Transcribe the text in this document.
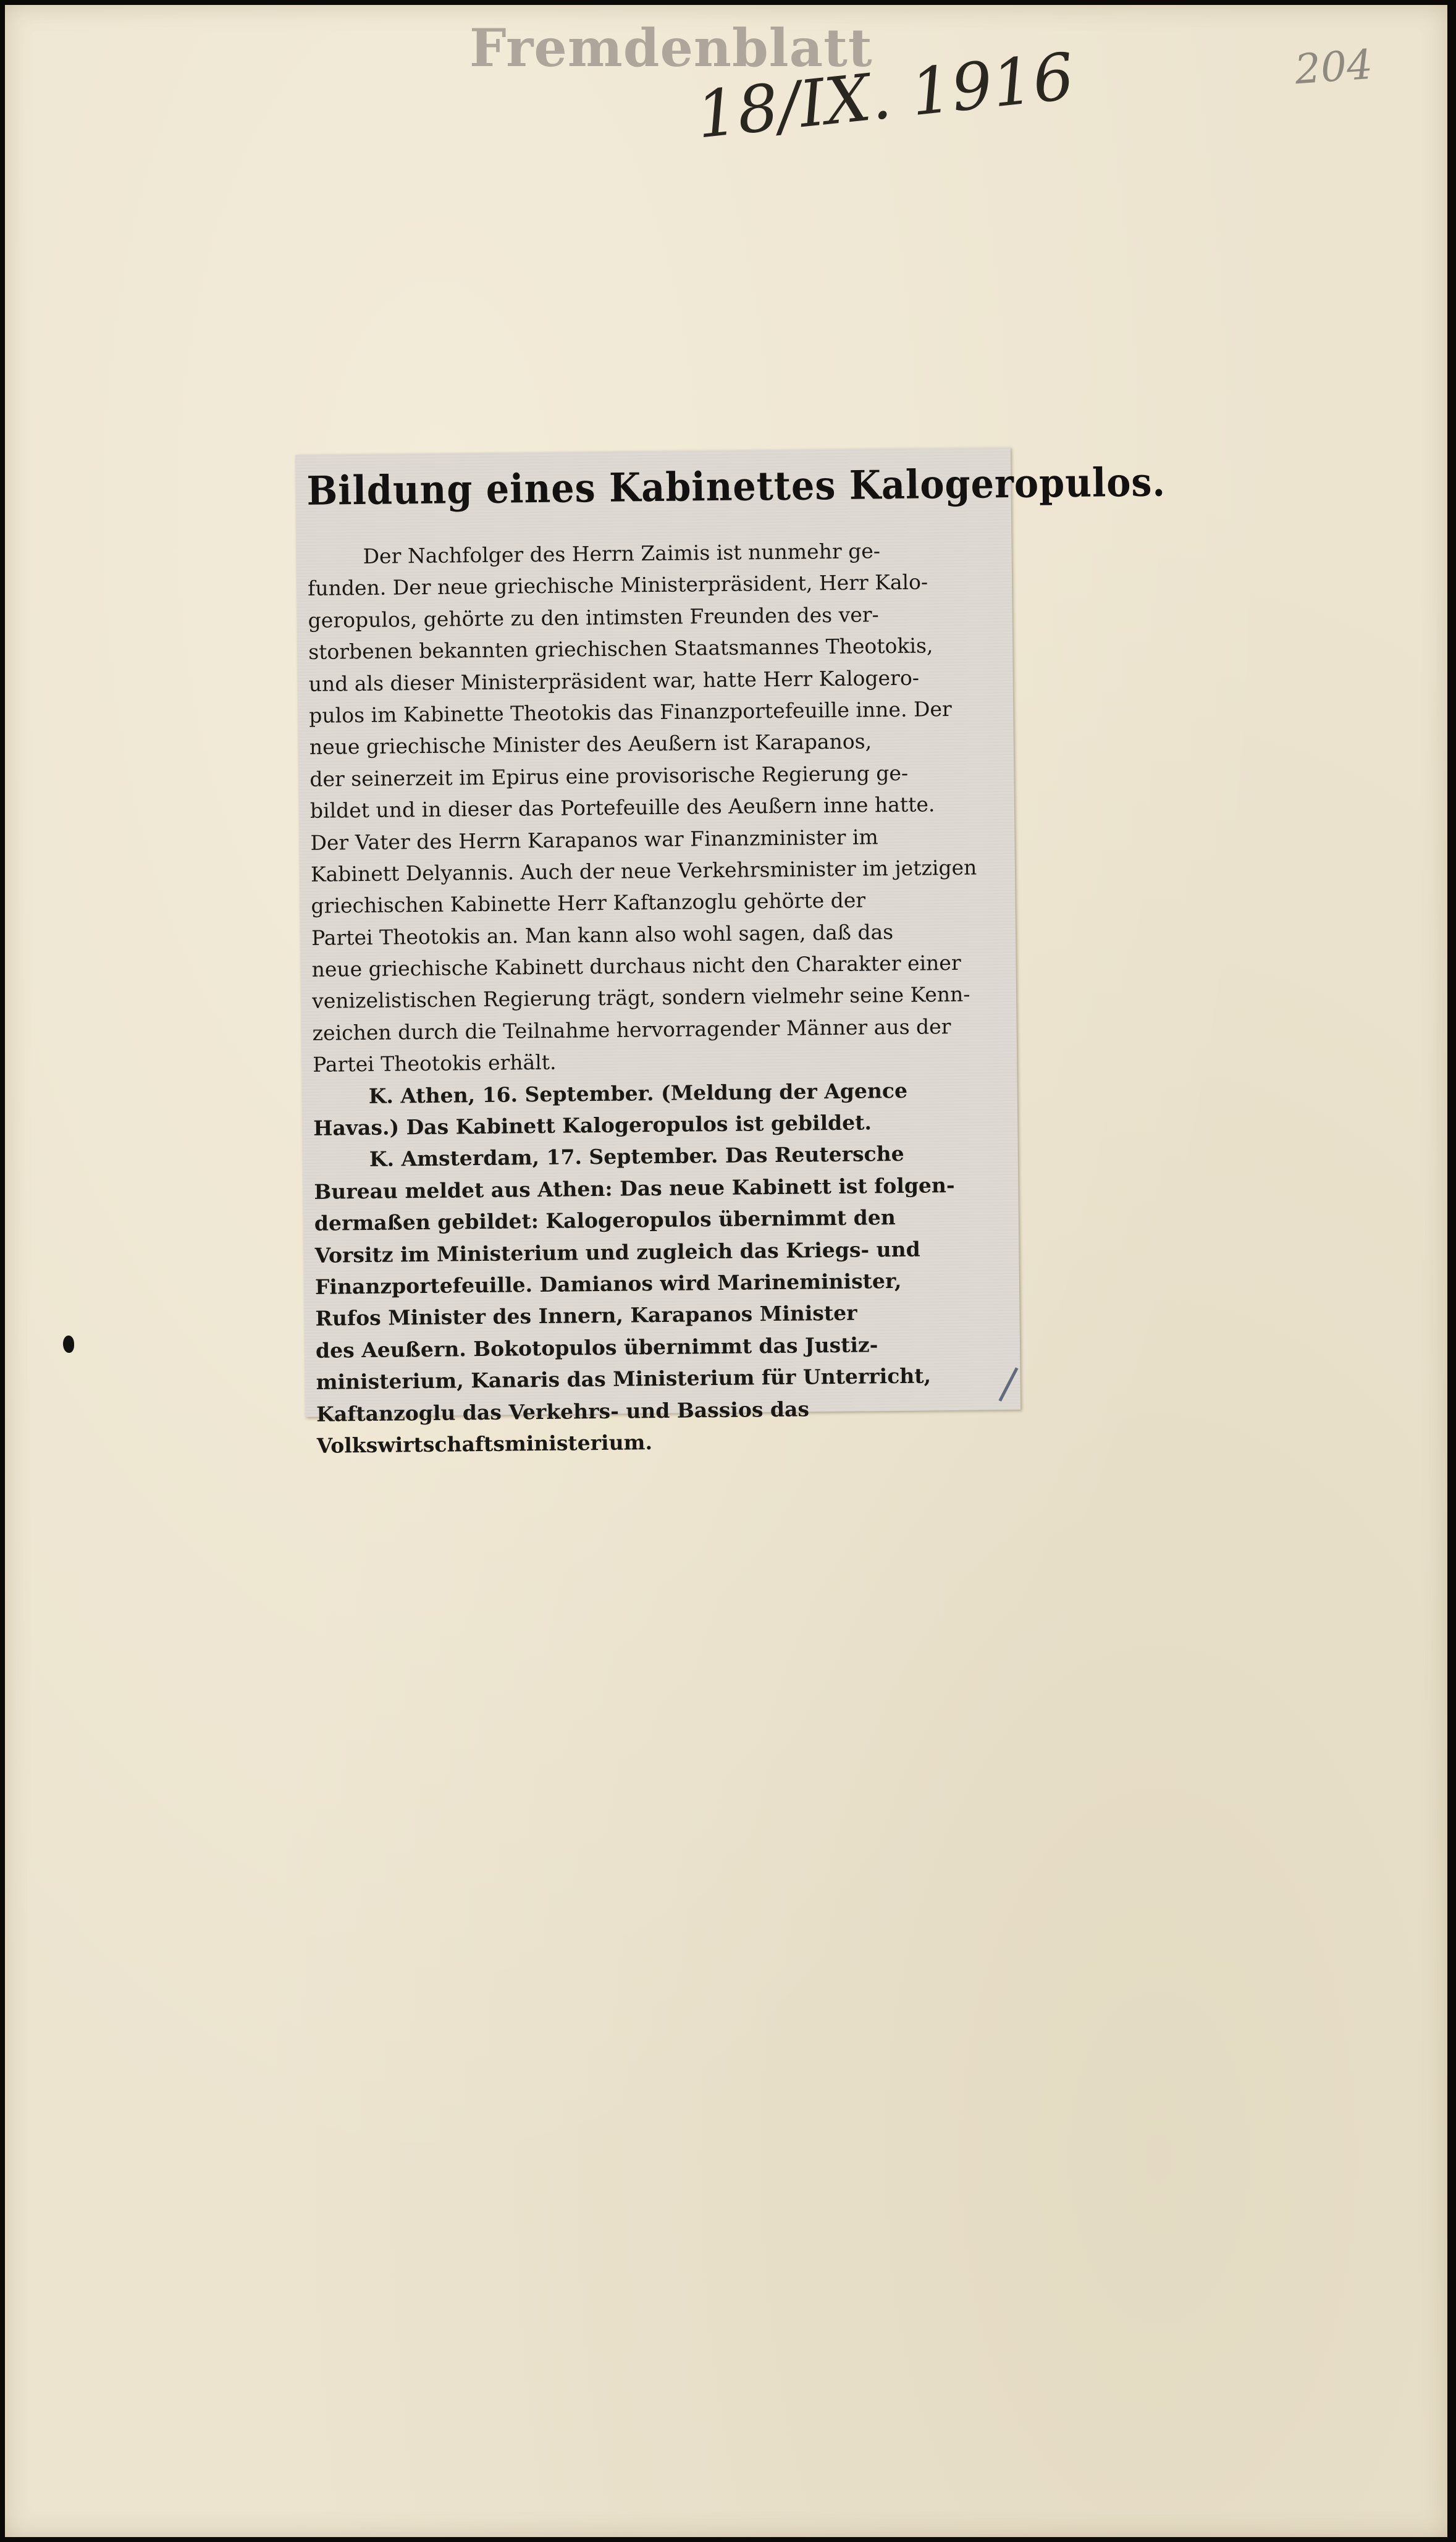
Fremdenblatt
18/IX. 1916	204
Bildung eines Kabinettes Kalogeropulos.
Der Nachfolger des Herrn Zaimis ist nunmehr ge-
funden. Der neue griechische Ministerpräsident, Herr Kalo-
geropulos, gehörte zu den intimsten Freunden des ver-
storbenen bekannten griechischen Staatsmannes Theotokis,
und als dieser Ministerpräsident war, hatte Herr Kalogero-
pulos im Kabinette Theotokis das Finanzportefeuille inne. Der
neue griechische Minister des Aeußern ist Karapanos,
der seinerzeit im Epirus eine provisorische Regierung ge-
bildet und in dieser das Portefeuille des Aeußern inne hatte.
Der Vater des Herrn Karapanos war Finanzminister im
Kabinett Delyannis. Auch der neue Verkehrsminister im jetzigen
griechischen Kabinette Herr Kaftanzoglu gehörte der
Partei Theotokis an. Man kann also wohl sagen, daß das
neue griechische Kabinett durchaus nicht den Charakter einer
venizelistischen Regierung trägt, sondern vielmehr seine Kenn-
zeichen durch die Teilnahme hervorragender Männer aus der
Partei Theotokis erhält.
K. Athen, 16. September. (Meldung der Agence
Havas.) Das Kabinett Kalogeropulos ist gebildet.
K. Amsterdam, 17. September. Das Reutersche
Bureau meldet aus Athen: Das neue Kabinett ist folgen-
dermaßen gebildet: Kalogeropulos übernimmt den
Vorsitz im Ministerium und zugleich das Kriegs- und
Finanzportefeuille. Damianos wird Marineminister,
Rufos Minister des Innern, Karapanos Minister
des Aeußern. Bokotopulos übernimmt das Justiz-
ministerium, Kanaris das Ministerium für Unterricht,
Kaftanzoglu das Verkehrs- und Bassios das
Volkswirtschaftsministerium.
